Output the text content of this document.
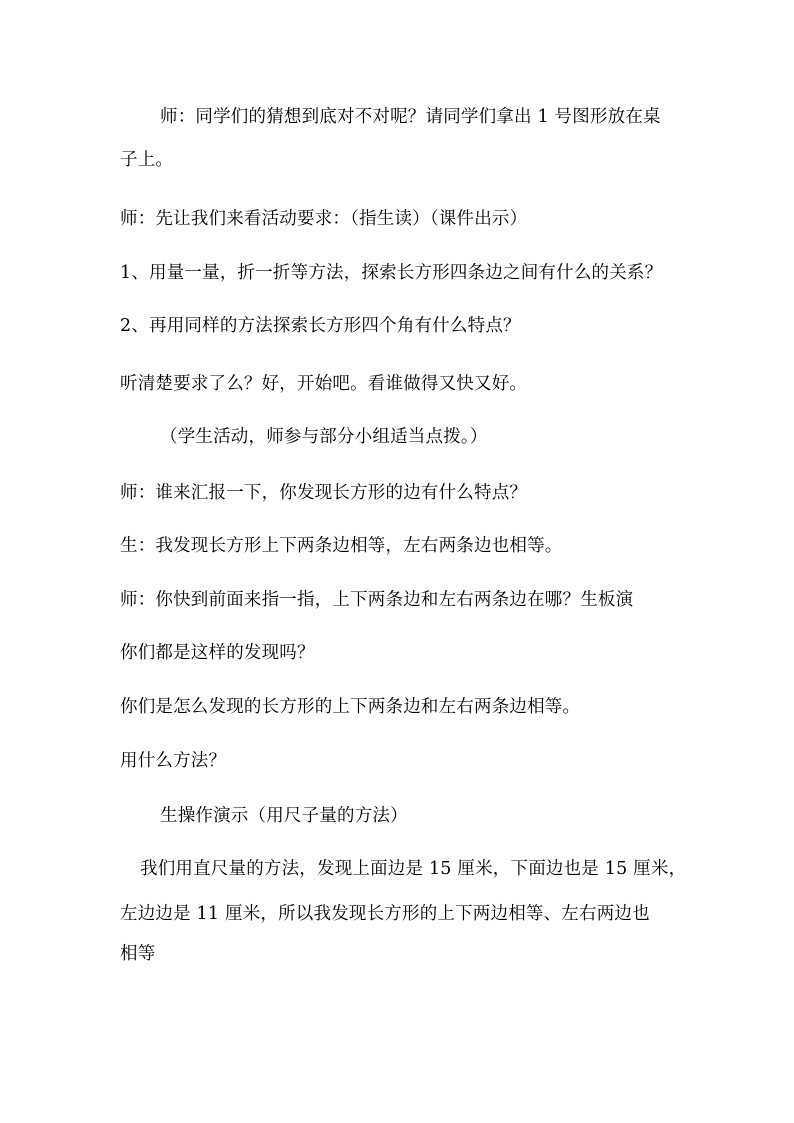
师：同学们的猜想到底对不对呢？请同学们拿出 1 号图形放在桌
子上。
师：先让我们来看活动要求：（指生读）（课件出示）
1、用量一量，折一折等方法，探索长方形四条边之间有什么的关系？
2、再用同样的方法探索长方形四个角有什么特点？
听清楚要求了么？好，开始吧。看谁做得又快又好。
（学生活动，师参与部分小组适当点拨。）
师：谁来汇报一下，你发现长方形的边有什么特点？
生：我发现长方形上下两条边相等，左右两条边也相等。
师：你快到前面来指一指，上下两条边和左右两条边在哪？生板演
你们都是这样的发现吗？
你们是怎么发现的长方形的上下两条边和左右两条边相等。
用什么方法？
生操作演示（用尺子量的方法）
我们用直尺量的方法，发现上面边是 15 厘米，下面边也是 15 厘米，
左边边是 11 厘米，所以我发现长方形的上下两边相等、左右两边也
相等
